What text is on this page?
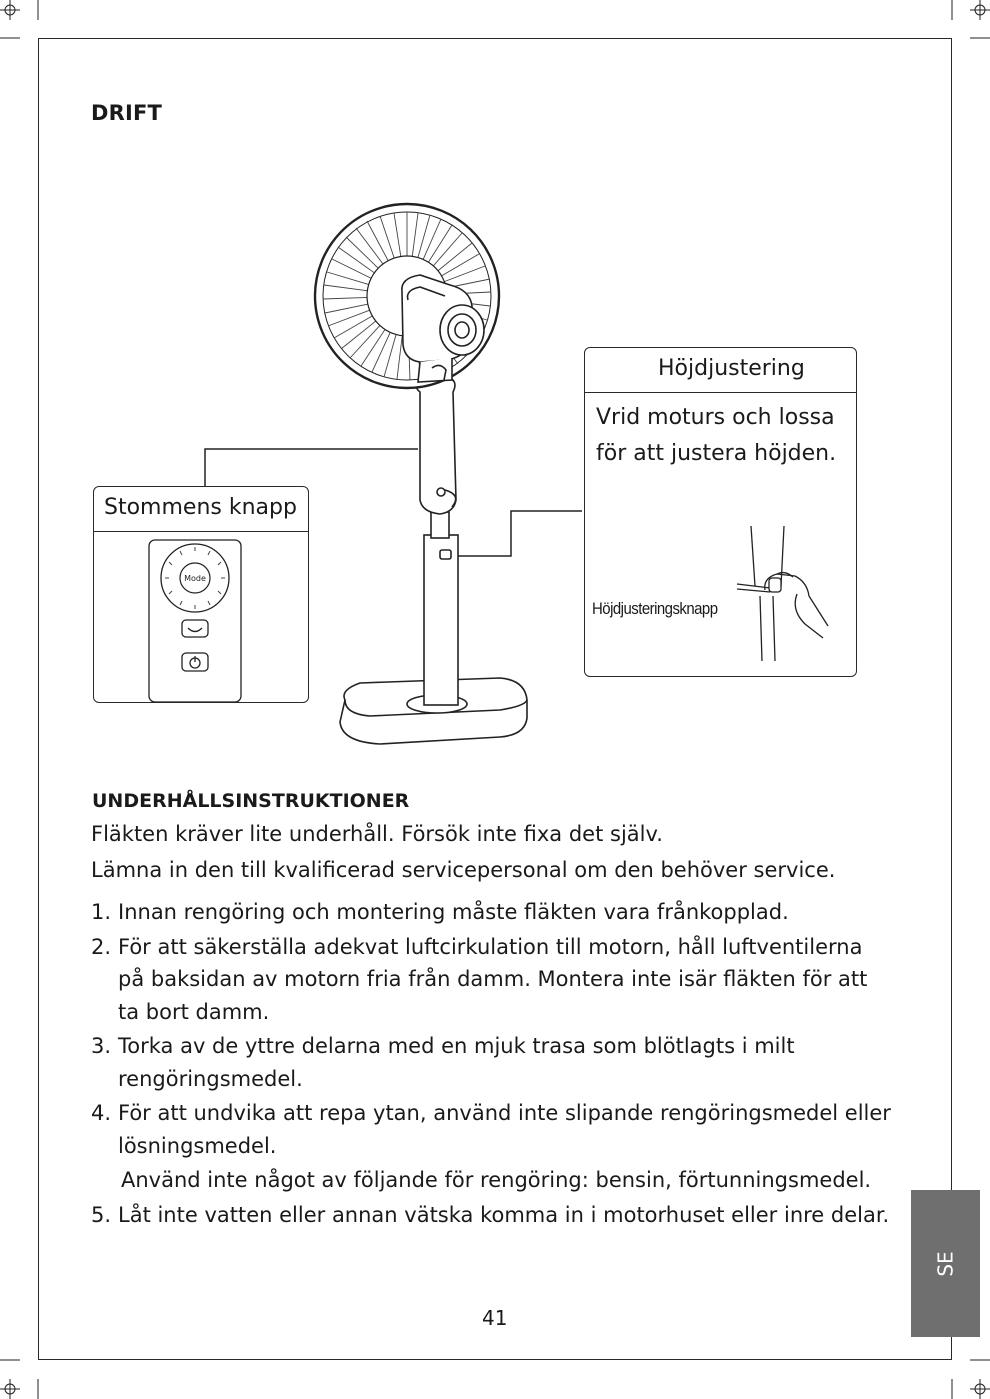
DRIFT
Stommens knapp
Mode
Höjdjustering
Vrid moturs och lossa
för att justera höjden.
Höjdjusteringsknapp
UNDERHÅLLSINSTRUKTIONER
Fläkten kräver lite underhåll. Försök inte fixa det själv.
Lämna in den till kvalificerad servicepersonal om den behöver service.
1. Innan rengöring och montering måste fläkten vara frånkopplad.
2. För att säkerställa adekvat luftcirkulation till motorn, håll luftventilerna på baksidan av motorn fria från damm. Montera inte isär fläkten för att ta bort damm.
3. Torka av de yttre delarna med en mjuk trasa som blötlagts i milt rengöringsmedel.
4. För att undvika att repa ytan, använd inte slipande rengöringsmedel eller lösningsmedel.
Använd inte något av följande för rengöring: bensin, förtunningsmedel.
5. Låt inte vatten eller annan vätska komma in i motorhuset eller inre delar.
41
SE
